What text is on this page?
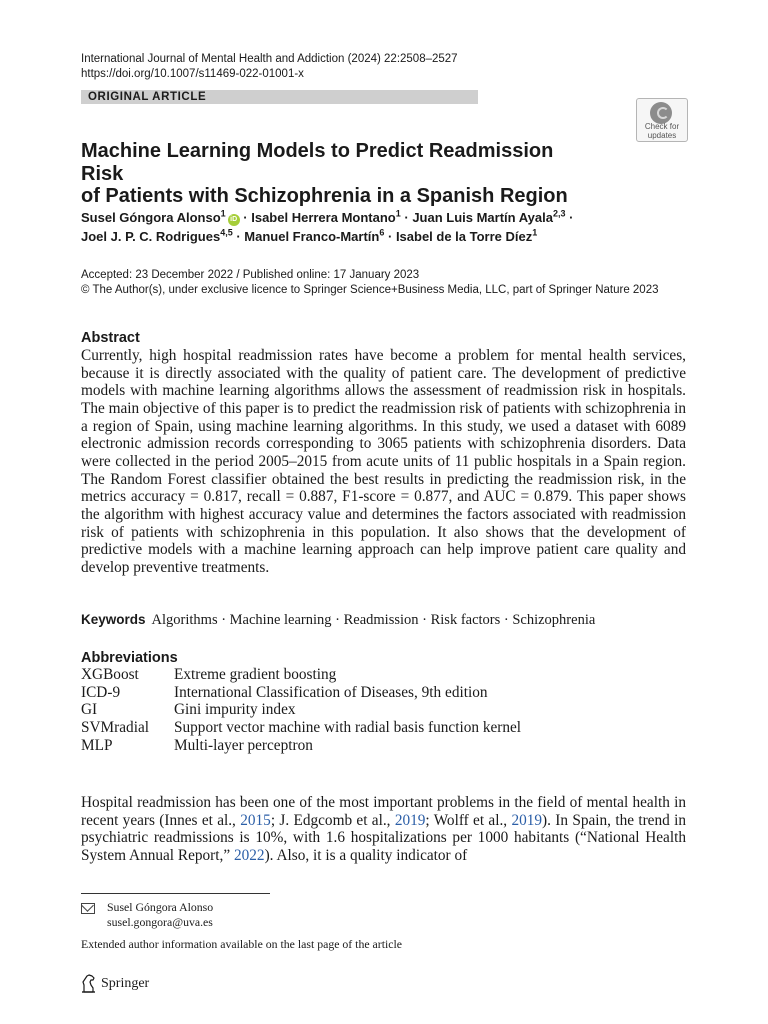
International Journal of Mental Health and Addiction (2024) 22:2508–2527
https://doi.org/10.1007/s11469-022-01001-x
ORIGINAL ARTICLE
Check for
updates
Machine Learning Models to Predict Readmission Risk
of Patients with Schizophrenia in a Spanish Region
Susel Góngora Alonso$^1$iD · Isabel Herrera Montano$^1$ · Juan Luis Martín Ayala$^{2,3}$ ·
Joel J. P. C. Rodrigues$^{4,5}$ · Manuel Franco-Martín$^6$ · Isabel de la Torre Díez$^1$
Accepted: 23 December 2022 / Published online: 17 January 2023
© The Author(s), under exclusive licence to Springer Science+Business Media, LLC, part of Springer Nature 2023
Abstract
Currently, high hospital readmission rates have become a problem for mental health services, because it is directly associated with the quality of patient care. The development of predictive models with machine learning algorithms allows the assessment of readmission risk in hospitals. The main objective of this paper is to predict the readmission risk of patients with schizophrenia in a region of Spain, using machine learning algorithms. In this study, we used a dataset with 6089 electronic admission records corresponding to 3065 patients with schizophrenia disorders. Data were collected in the period 2005–2015 from acute units of 11 public hospitals in a Spain region. The Random Forest classifier obtained the best results in predicting the readmission risk, in the metrics accuracy = 0.817, recall = 0.887, F1-score = 0.877, and AUC = 0.879. This paper shows the algorithm with highest accuracy value and determines the factors associated with readmission risk of patients with schizophrenia in this population. It also shows that the development of predictive models with a machine learning approach can help improve patient care quality and develop preventive treatments.
Keywords Algorithms · Machine learning · Readmission · Risk factors · Schizophrenia
Abbreviations
XGBoost	Extreme gradient boosting
ICD-9	International Classification of Diseases, 9th edition
GI	Gini impurity index
SVMradial	Support vector machine with radial basis function kernel
MLP	Multi-layer perceptron
Hospital readmission has been one of the most important problems in the field of mental health in recent years (Innes et al., 2015; J. Edgcomb et al., 2019; Wolff et al., 2019). In Spain, the trend in psychiatric readmissions is 10%, with 1.6 hospitalizations per 1000 habitants (“National Health System Annual Report,” 2022). Also, it is a quality indicator of
Susel Góngora Alonso
susel.gongora@uva.es
Extended author information available on the last page of the article
Springer
